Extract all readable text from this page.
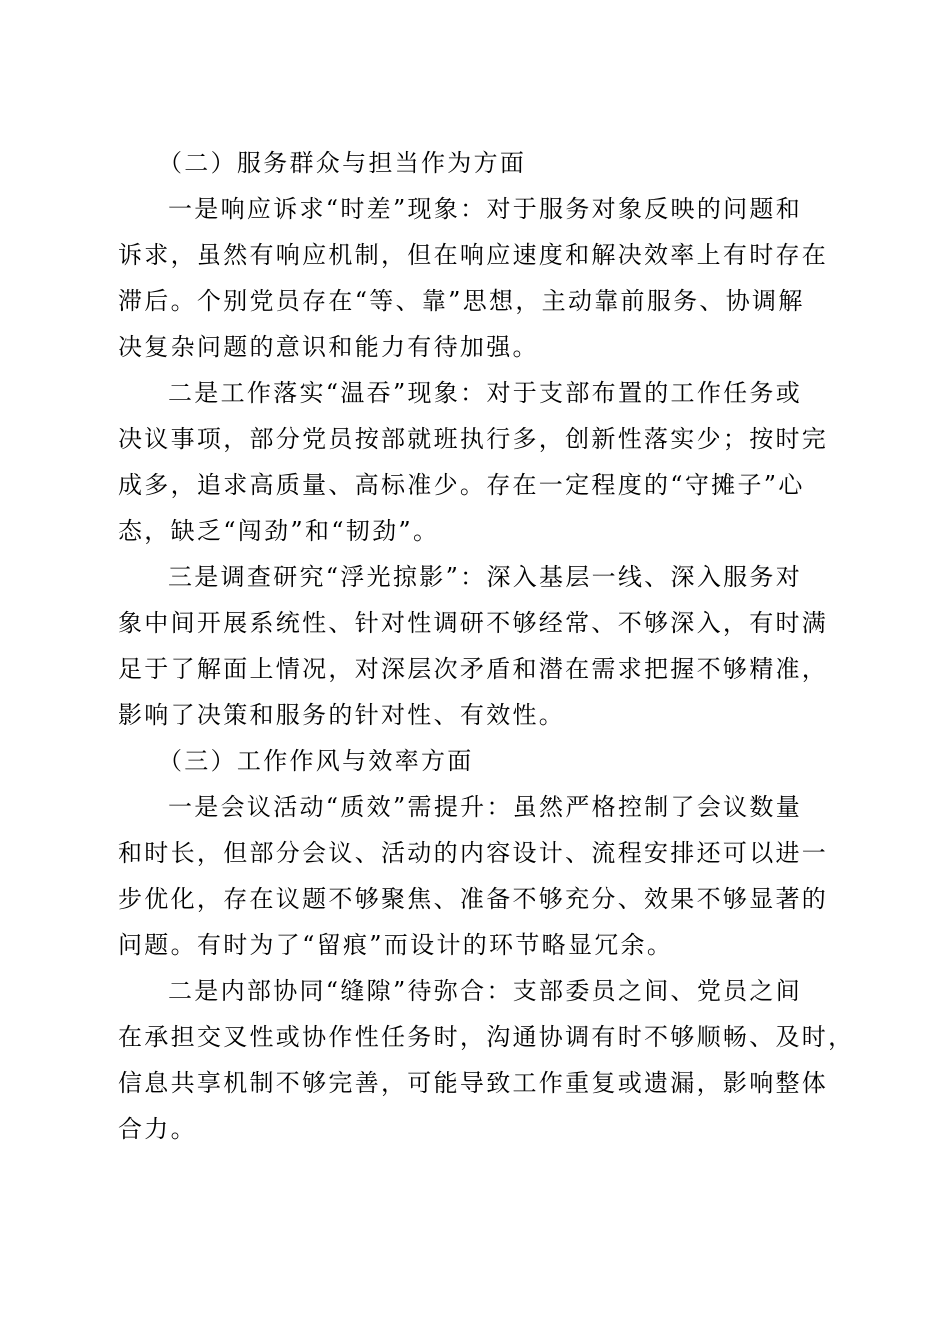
（二）服务群众与担当作为方面
一是响应诉求“时差”现象：对于服务对象反映的问题和
诉求，虽然有响应机制，但在响应速度和解决效率上有时存在
滞后。个别党员存在“等、靠”思想，主动靠前服务、协调解
决复杂问题的意识和能力有待加强。
二是工作落实“温吞”现象：对于支部布置的工作任务或
决议事项，部分党员按部就班执行多，创新性落实少；按时完
成多，追求高质量、高标准少。存在一定程度的“守摊子”心
态，缺乏“闯劲”和“韧劲”。
三是调查研究“浮光掠影”：深入基层一线、深入服务对
象中间开展系统性、针对性调研不够经常、不够深入，有时满
足于了解面上情况，对深层次矛盾和潜在需求把握不够精准，
影响了决策和服务的针对性、有效性。
（三）工作作风与效率方面
一是会议活动“质效”需提升：虽然严格控制了会议数量
和时长，但部分会议、活动的内容设计、流程安排还可以进一
步优化，存在议题不够聚焦、准备不够充分、效果不够显著的
问题。有时为了“留痕”而设计的环节略显冗余。
二是内部协同“缝隙”待弥合：支部委员之间、党员之间
在承担交叉性或协作性任务时，沟通协调有时不够顺畅、及时，
信息共享机制不够完善，可能导致工作重复或遗漏，影响整体
合力。
